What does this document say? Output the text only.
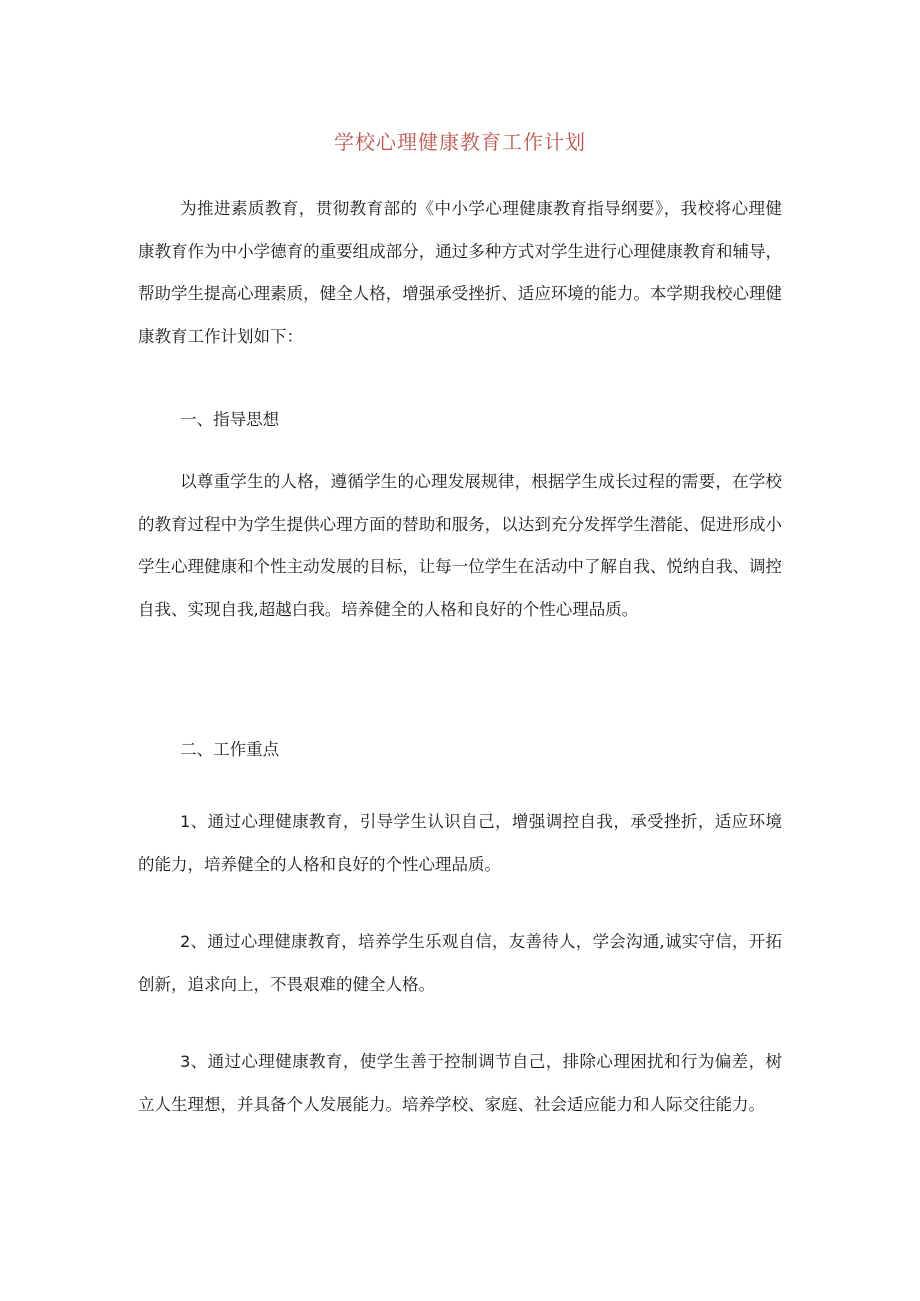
学校心理健康教育工作计划

为推进素质教育，贯彻教育部的《中小学心理健康教育指导纲要》，我校将心理健康教育作为中小学德育的重要组成部分，通过多种方式对学生进行心理健康教育和辅导，帮助学生提高心理素质，健全人格，增强承受挫折、适应环境的能力。本学期我校心理健康教育工作计划如下：

一、指导思想

以尊重学生的人格，遵循学生的心理发展规律，根据学生成长过程的需要，在学校的教育过程中为学生提供心理方面的替助和服务，以达到充分发挥学生潜能、促进形成小学生心理健康和个性主动发展的目标，让每一位学生在活动中了解自我、悦纳自我、调控自我、实现自我,超越白我。培养健全的人格和良好的个性心理品质。

二、工作重点

1、通过心理健康教育，引导学生认识自己，增强调控自我，承受挫折，适应环境的能力，培养健全的人格和良好的个性心理品质。

2、通过心理健康教育，培养学生乐观自信，友善待人，学会沟通,诚实守信，开拓创新，追求向上，不畏艰难的健全人格。

3、通过心理健康教育，使学生善于控制调节自己，排除心理困扰和行为偏差，树立人生理想，并具备个人发展能力。培养学校、家庭、社会适应能力和人际交往能力。
